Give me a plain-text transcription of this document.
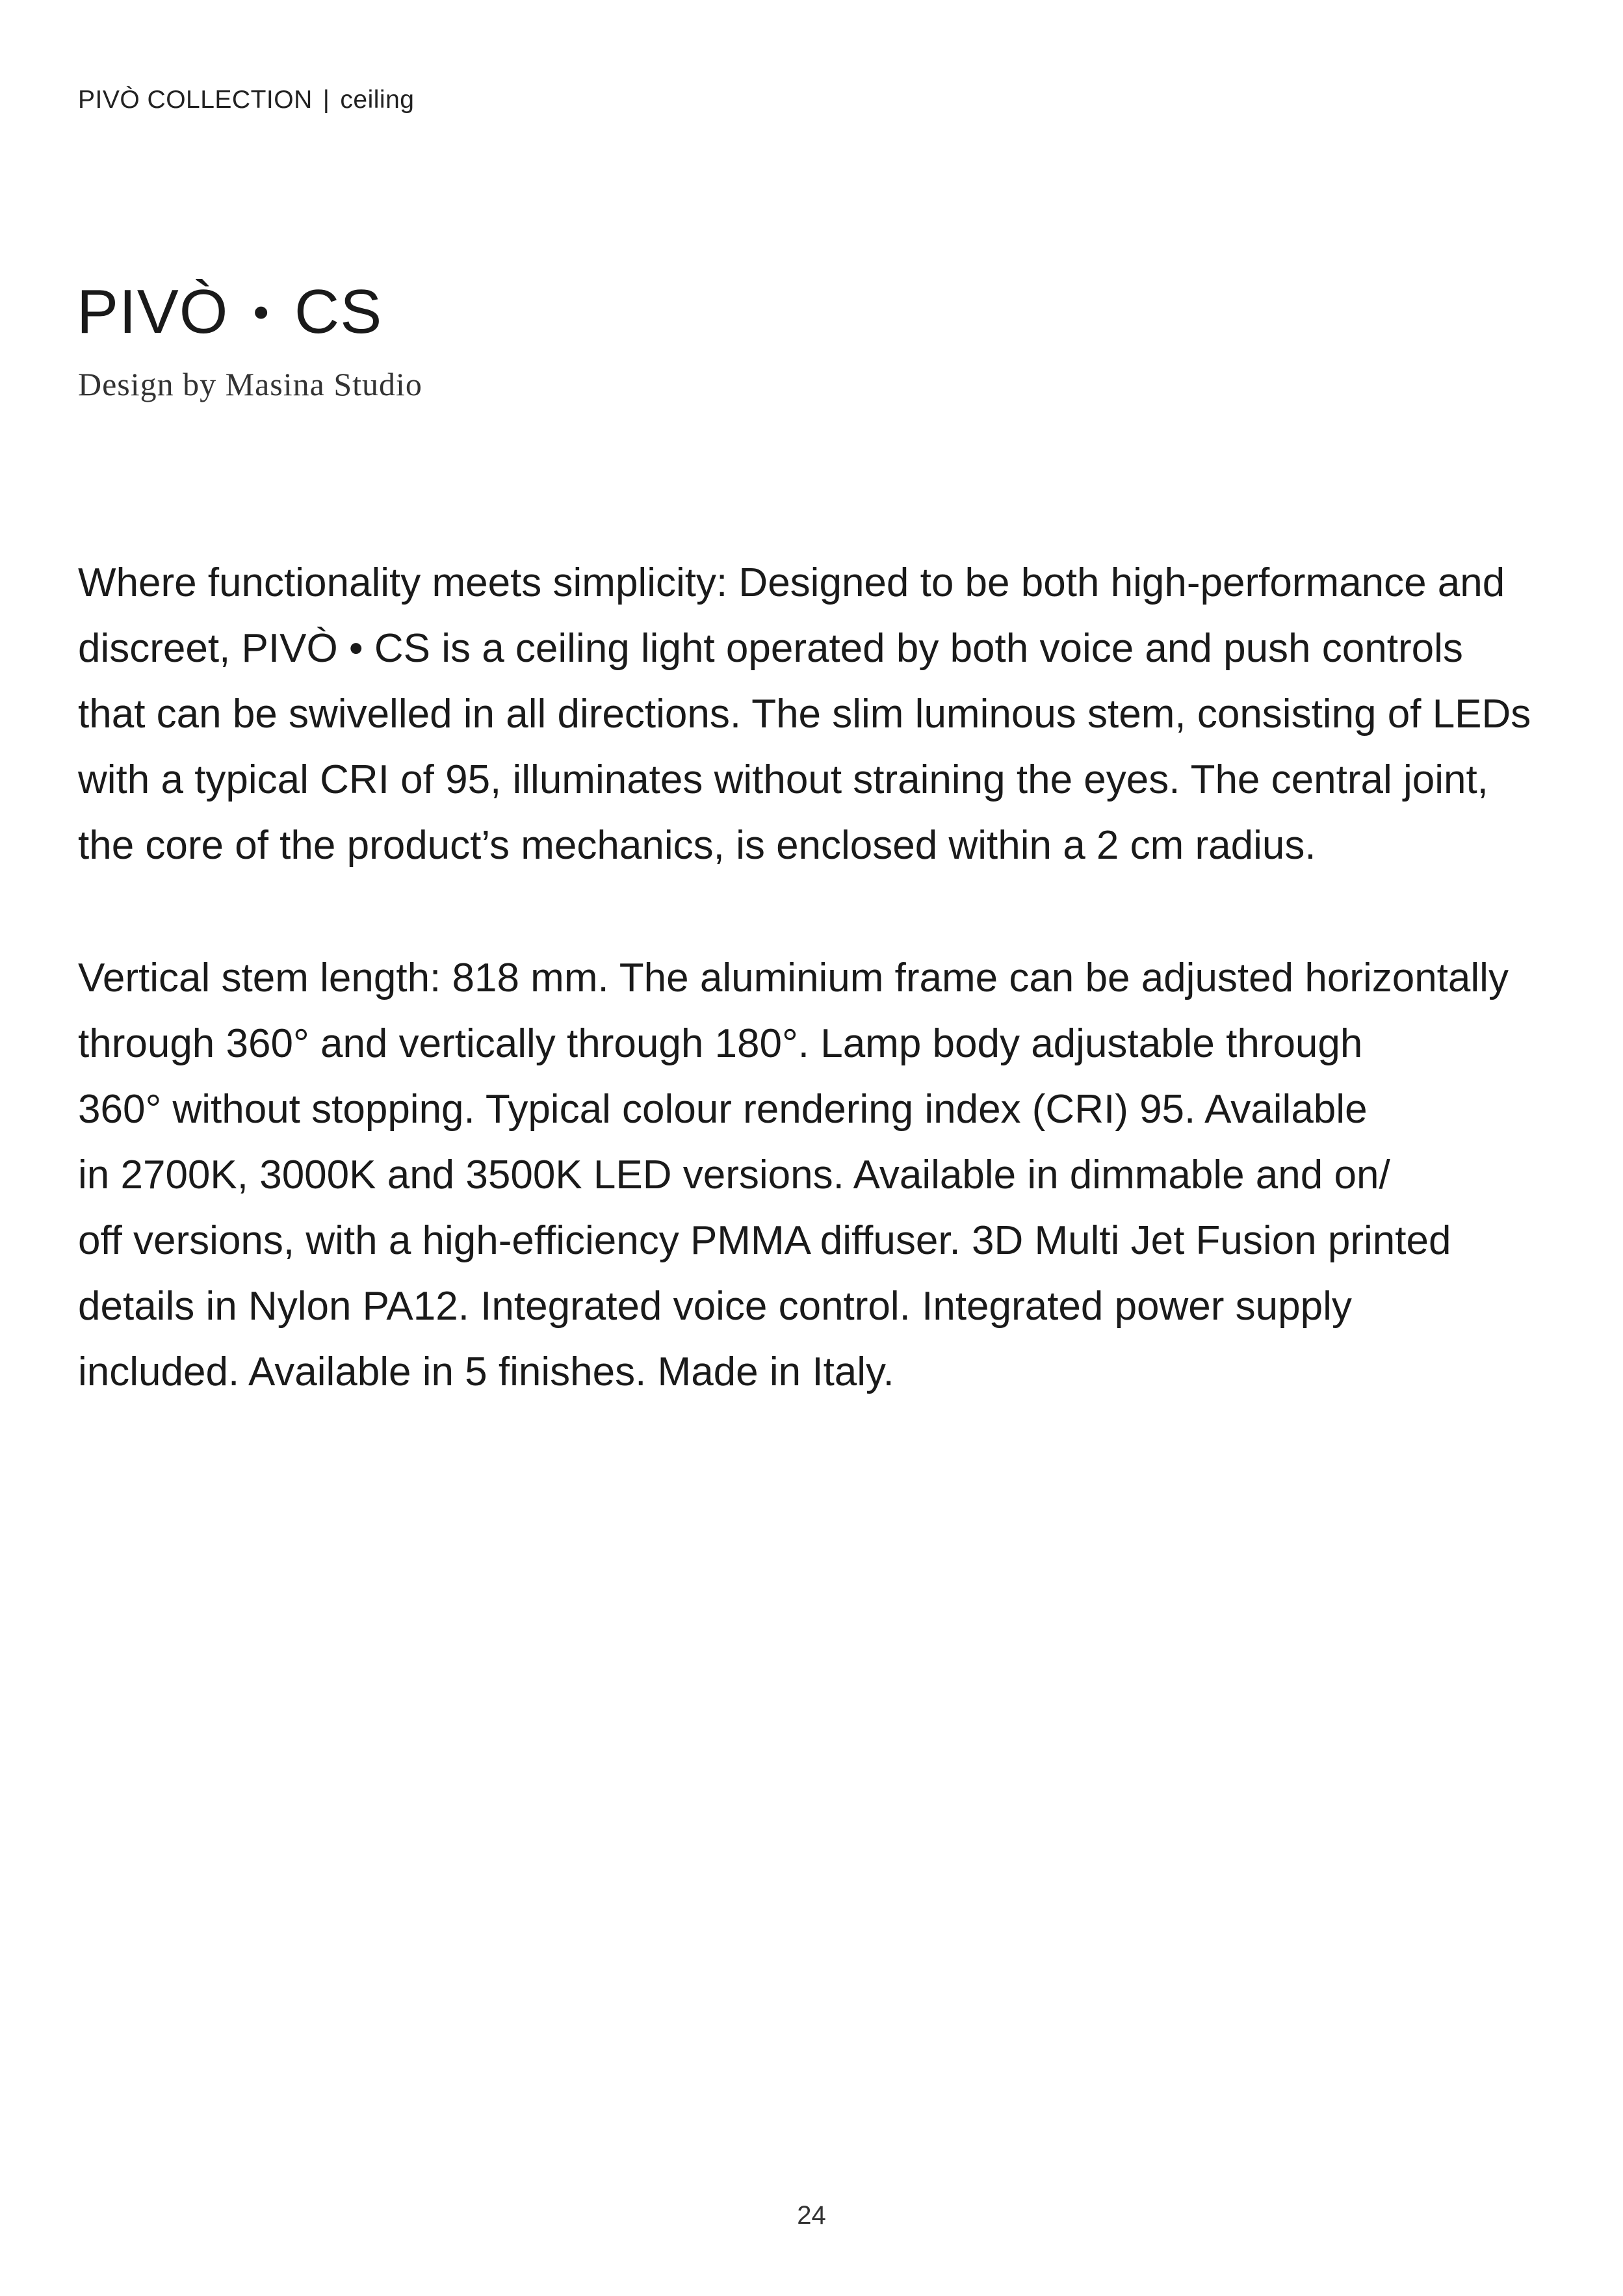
PIVÒ COLLECTION | ceiling
PIVÒ • CS
Design by Masina Studio

Where functionality meets simplicity: Designed to be both high-performance and
discreet, PIVÒ • CS is a ceiling light operated by both voice and push controls
that can be swivelled in all directions. The slim luminous stem, consisting of LEDs
with a typical CRI of 95, illuminates without straining the eyes. The central joint,
the core of the product’s mechanics, is enclosed within a 2 cm radius.

Vertical stem length: 818 mm. The aluminium frame can be adjusted horizontally
through 360° and vertically through 180°. Lamp body adjustable through
360° without stopping. Typical colour rendering index (CRI) 95. Available
in 2700K, 3000K and 3500K LED versions. Available in dimmable and on/
off versions, with a high-efficiency PMMA diffuser. 3D Multi Jet Fusion printed
details in Nylon PA12. Integrated voice control. Integrated power supply
included. Available in 5 finishes. Made in Italy.

24
